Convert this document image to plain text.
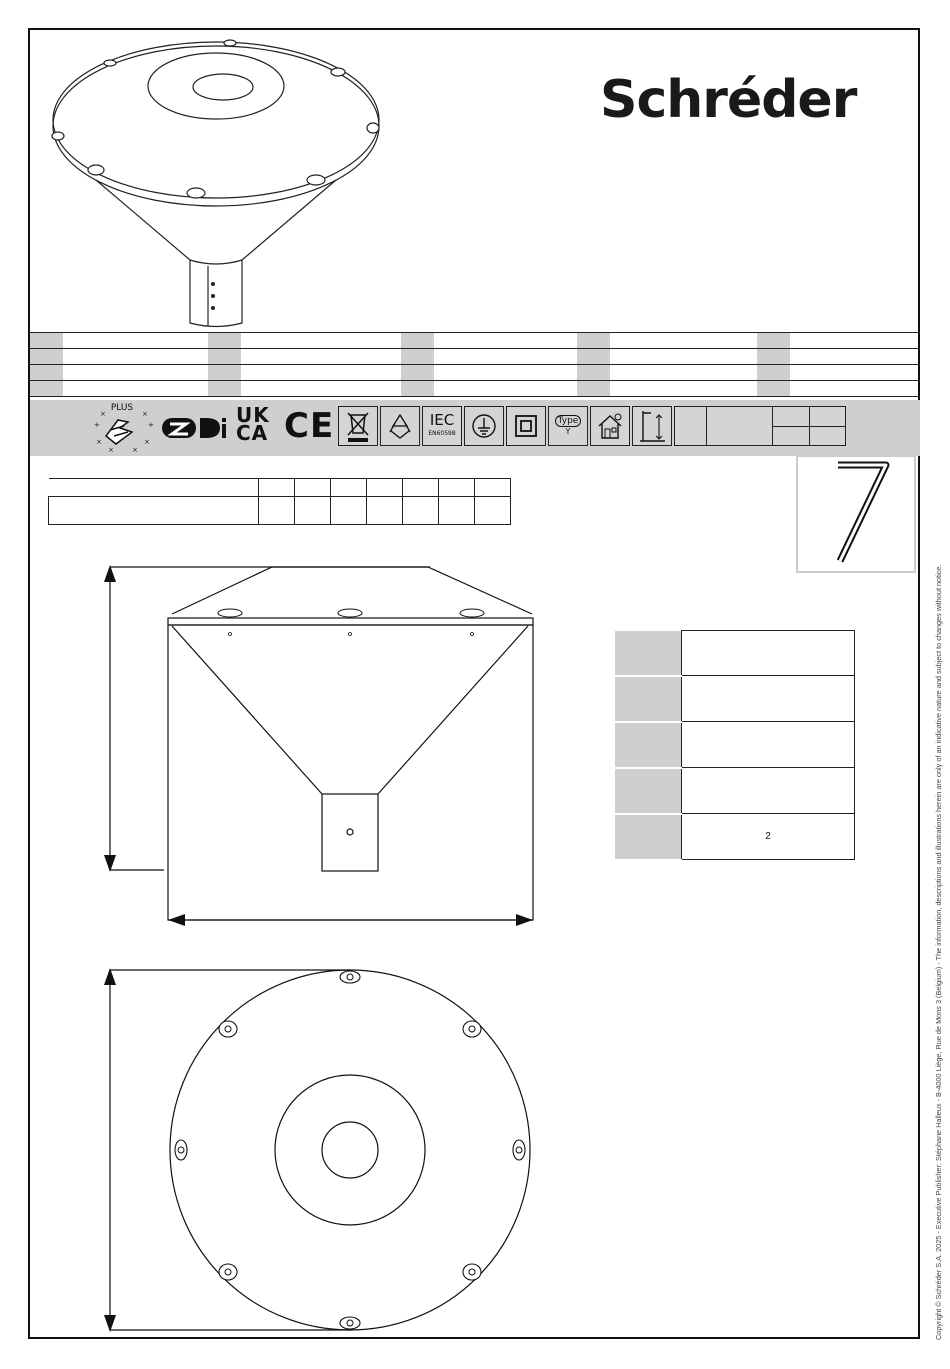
Schréder

PLUS
+	+
×	×
×	×
×	×	UK
CA CE	IEC
EN60598
Type
Y

	2	Copyright © Schréder S.A. 2025 - Executive Publisher: Stéphane Halleux - B-4000 Liège, Rue de Mons 3 (Belgium) - The information, descriptions and illustrations herein are only of an indicative nature and subject to changes without notice.
